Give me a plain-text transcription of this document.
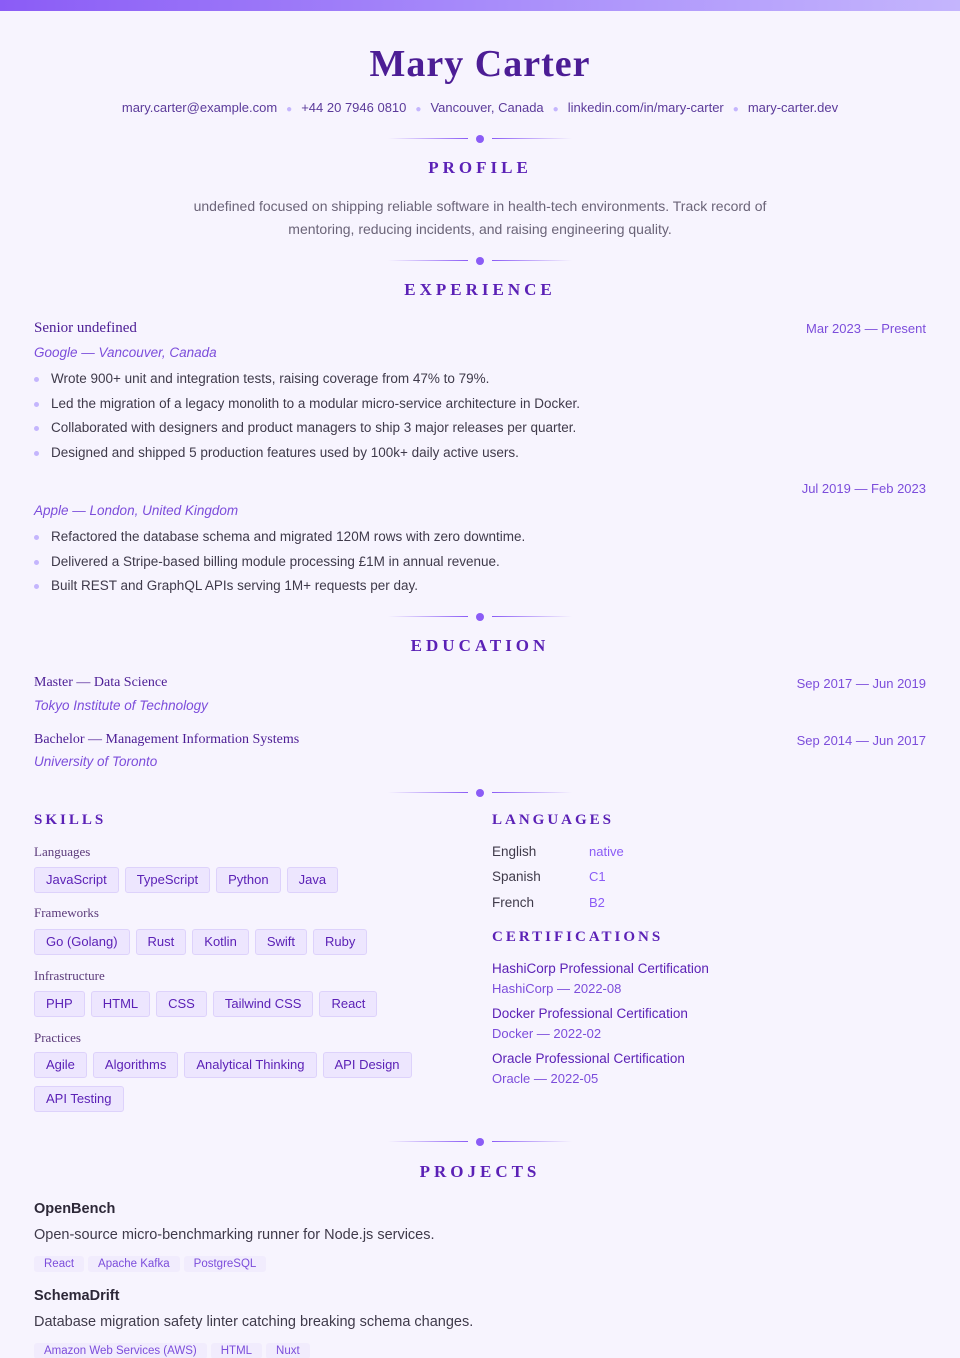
Mary Carter
mary.carter@example.com ● +44 20 7946 0810 ● Vancouver, Canada ● linkedin.com/in/mary-carter ● mary-carter.dev
PROFILE

undefined focused on shipping reliable software in health-tech environments. Track record of mentoring, reducing incidents, and raising engineering quality.

EXPERIENCE
Senior undefined	Mar 2023 — Present
Google — Vancouver, Canada
Wrote 900+ unit and integration tests, raising coverage from 47% to 79%.
Led the migration of a legacy monolith to a modular micro-service architecture in Docker.
Collaborated with designers and product managers to ship 3 major releases per quarter.
Designed and shipped 5 production features used by 100k+ daily active users.
Jul 2019 — Feb 2023
Apple — London, United Kingdom
Refactored the database schema and migrated 120M rows with zero downtime.
Delivered a Stripe-based billing module processing £1M in annual revenue.
Built REST and GraphQL APIs serving 1M+ requests per day.
EDUCATION
Master — Data Science	Sep 2017 — Jun 2019
Tokyo Institute of Technology
Bachelor — Management Information Systems	Sep 2014 — Jun 2017
University of Toronto
SKILLS
Languages
JavaScript	TypeScript	Python	Java
Frameworks
Go (Golang)	Rust	Kotlin	Swift	Ruby
Infrastructure
PHP	HTML	CSS	Tailwind CSS	React
Practices
Agile	Algorithms	Analytical Thinking	API Design
API Testing
LANGUAGES
English	native
Spanish	C1
French	B2
CERTIFICATIONS
HashiCorp Professional Certification
HashiCorp — 2022-08
Docker Professional Certification
Docker — 2022-02
Oracle Professional Certification
Oracle — 2022-05
PROJECTS
OpenBench
Open-source micro-benchmarking runner for Node.js services.
React	Apache Kafka	PostgreSQL
SchemaDrift
Database migration safety linter catching breaking schema changes.
Amazon Web Services (AWS)	HTML	Nuxt
